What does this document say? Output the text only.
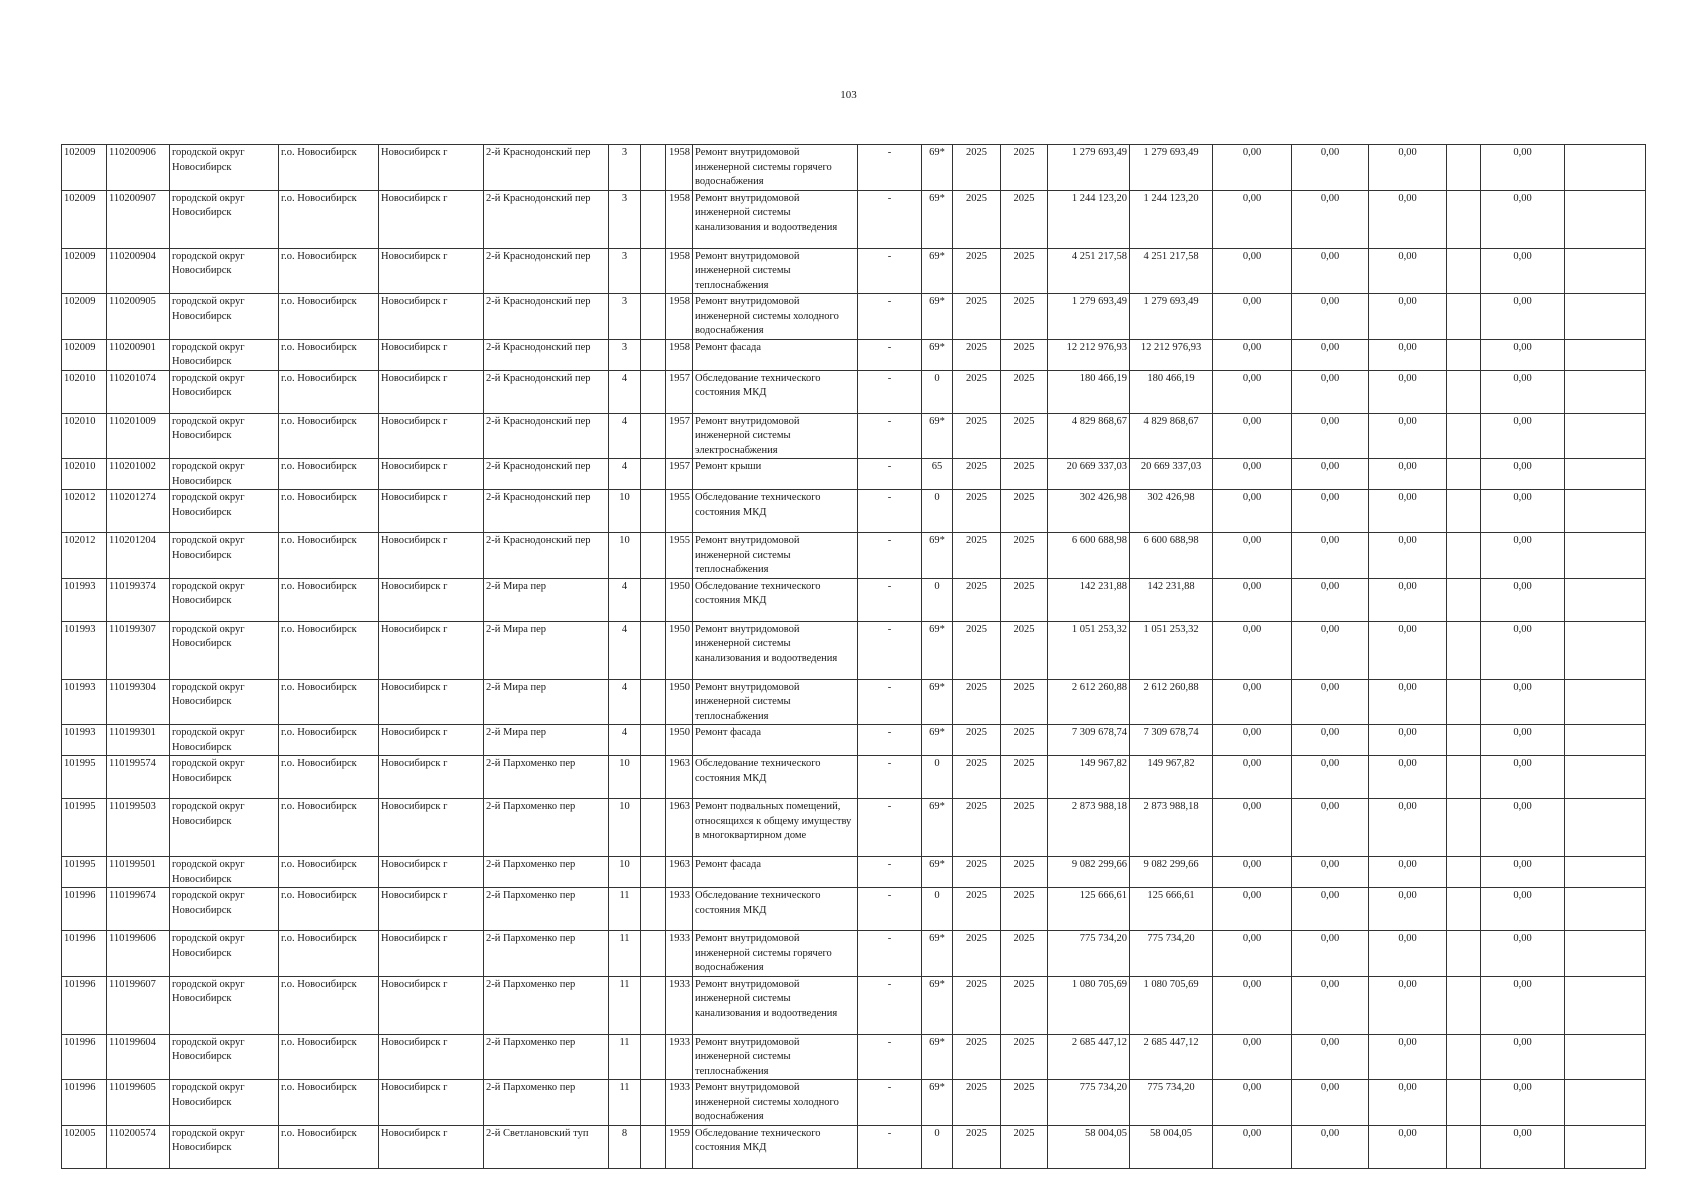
103
102009	110200906	городской округ Новосибирск	г.о. Новосибирск	Новосибирск г	2-й Краснодонский пер	3		1958	Ремонт внутридомовой инженерной системы горячего водоснабжения	-	69*	2025	2025	1 279 693,49	1 279 693,49	0,00	0,00	0,00		0,00	
102009	110200907	городской округ Новосибирск	г.о. Новосибирск	Новосибирск г	2-й Краснодонский пер	3		1958	Ремонт внутридомовой инженерной системы канализования и водоотведения	-	69*	2025	2025	1 244 123,20	1 244 123,20	0,00	0,00	0,00		0,00	
102009	110200904	городской округ Новосибирск	г.о. Новосибирск	Новосибирск г	2-й Краснодонский пер	3		1958	Ремонт внутридомовой инженерной системы теплоснабжения	-	69*	2025	2025	4 251 217,58	4 251 217,58	0,00	0,00	0,00		0,00	
102009	110200905	городской округ Новосибирск	г.о. Новосибирск	Новосибирск г	2-й Краснодонский пер	3		1958	Ремонт внутридомовой инженерной системы холодного водоснабжения	-	69*	2025	2025	1 279 693,49	1 279 693,49	0,00	0,00	0,00		0,00	
102009	110200901	городской округ Новосибирск	г.о. Новосибирск	Новосибирск г	2-й Краснодонский пер	3		1958	Ремонт фасада	-	69*	2025	2025	12 212 976,93	12 212 976,93	0,00	0,00	0,00		0,00	
102010	110201074	городской округ Новосибирск	г.о. Новосибирск	Новосибирск г	2-й Краснодонский пер	4		1957	Обследование технического состояния МКД	-	0	2025	2025	180 466,19	180 466,19	0,00	0,00	0,00		0,00	
102010	110201009	городской округ Новосибирск	г.о. Новосибирск	Новосибирск г	2-й Краснодонский пер	4		1957	Ремонт внутридомовой инженерной системы электроснабжения	-	69*	2025	2025	4 829 868,67	4 829 868,67	0,00	0,00	0,00		0,00	
102010	110201002	городской округ Новосибирск	г.о. Новосибирск	Новосибирск г	2-й Краснодонский пер	4		1957	Ремонт крыши	-	65	2025	2025	20 669 337,03	20 669 337,03	0,00	0,00	0,00		0,00	
102012	110201274	городской округ Новосибирск	г.о. Новосибирск	Новосибирск г	2-й Краснодонский пер	10		1955	Обследование технического состояния МКД	-	0	2025	2025	302 426,98	302 426,98	0,00	0,00	0,00		0,00	
102012	110201204	городской округ Новосибирск	г.о. Новосибирск	Новосибирск г	2-й Краснодонский пер	10		1955	Ремонт внутридомовой инженерной системы теплоснабжения	-	69*	2025	2025	6 600 688,98	6 600 688,98	0,00	0,00	0,00		0,00	
101993	110199374	городской округ Новосибирск	г.о. Новосибирск	Новосибирск г	2-й Мира пер	4		1950	Обследование технического состояния МКД	-	0	2025	2025	142 231,88	142 231,88	0,00	0,00	0,00		0,00	
101993	110199307	городской округ Новосибирск	г.о. Новосибирск	Новосибирск г	2-й Мира пер	4		1950	Ремонт внутридомовой инженерной системы канализования и водоотведения	-	69*	2025	2025	1 051 253,32	1 051 253,32	0,00	0,00	0,00		0,00	
101993	110199304	городской округ Новосибирск	г.о. Новосибирск	Новосибирск г	2-й Мира пер	4		1950	Ремонт внутридомовой инженерной системы теплоснабжения	-	69*	2025	2025	2 612 260,88	2 612 260,88	0,00	0,00	0,00		0,00	
101993	110199301	городской округ Новосибирск	г.о. Новосибирск	Новосибирск г	2-й Мира пер	4		1950	Ремонт фасада	-	69*	2025	2025	7 309 678,74	7 309 678,74	0,00	0,00	0,00		0,00	
101995	110199574	городской округ Новосибирск	г.о. Новосибирск	Новосибирск г	2-й Пархоменко пер	10		1963	Обследование технического состояния МКД	-	0	2025	2025	149 967,82	149 967,82	0,00	0,00	0,00		0,00	
101995	110199503	городской округ Новосибирск	г.о. Новосибирск	Новосибирск г	2-й Пархоменко пер	10		1963	Ремонт подвальных помещений, относящихся к общему имуществу в многоквартирном доме	-	69*	2025	2025	2 873 988,18	2 873 988,18	0,00	0,00	0,00		0,00	
101995	110199501	городской округ Новосибирск	г.о. Новосибирск	Новосибирск г	2-й Пархоменко пер	10		1963	Ремонт фасада	-	69*	2025	2025	9 082 299,66	9 082 299,66	0,00	0,00	0,00		0,00	
101996	110199674	городской округ Новосибирск	г.о. Новосибирск	Новосибирск г	2-й Пархоменко пер	11		1933	Обследование технического состояния МКД	-	0	2025	2025	125 666,61	125 666,61	0,00	0,00	0,00		0,00	
101996	110199606	городской округ Новосибирск	г.о. Новосибирск	Новосибирск г	2-й Пархоменко пер	11		1933	Ремонт внутридомовой инженерной системы горячего водоснабжения	-	69*	2025	2025	775 734,20	775 734,20	0,00	0,00	0,00		0,00	
101996	110199607	городской округ Новосибирск	г.о. Новосибирск	Новосибирск г	2-й Пархоменко пер	11		1933	Ремонт внутридомовой инженерной системы канализования и водоотведения	-	69*	2025	2025	1 080 705,69	1 080 705,69	0,00	0,00	0,00		0,00	
101996	110199604	городской округ Новосибирск	г.о. Новосибирск	Новосибирск г	2-й Пархоменко пер	11		1933	Ремонт внутридомовой инженерной системы теплоснабжения	-	69*	2025	2025	2 685 447,12	2 685 447,12	0,00	0,00	0,00		0,00	
101996	110199605	городской округ Новосибирск	г.о. Новосибирск	Новосибирск г	2-й Пархоменко пер	11		1933	Ремонт внутридомовой инженерной системы холодного водоснабжения	-	69*	2025	2025	775 734,20	775 734,20	0,00	0,00	0,00		0,00	
102005	110200574	городской округ Новосибирск	г.о. Новосибирск	Новосибирск г	2-й Светлановский туп	8		1959	Обследование технического состояния МКД	-	0	2025	2025	58 004,05	58 004,05	0,00	0,00	0,00		0,00	
